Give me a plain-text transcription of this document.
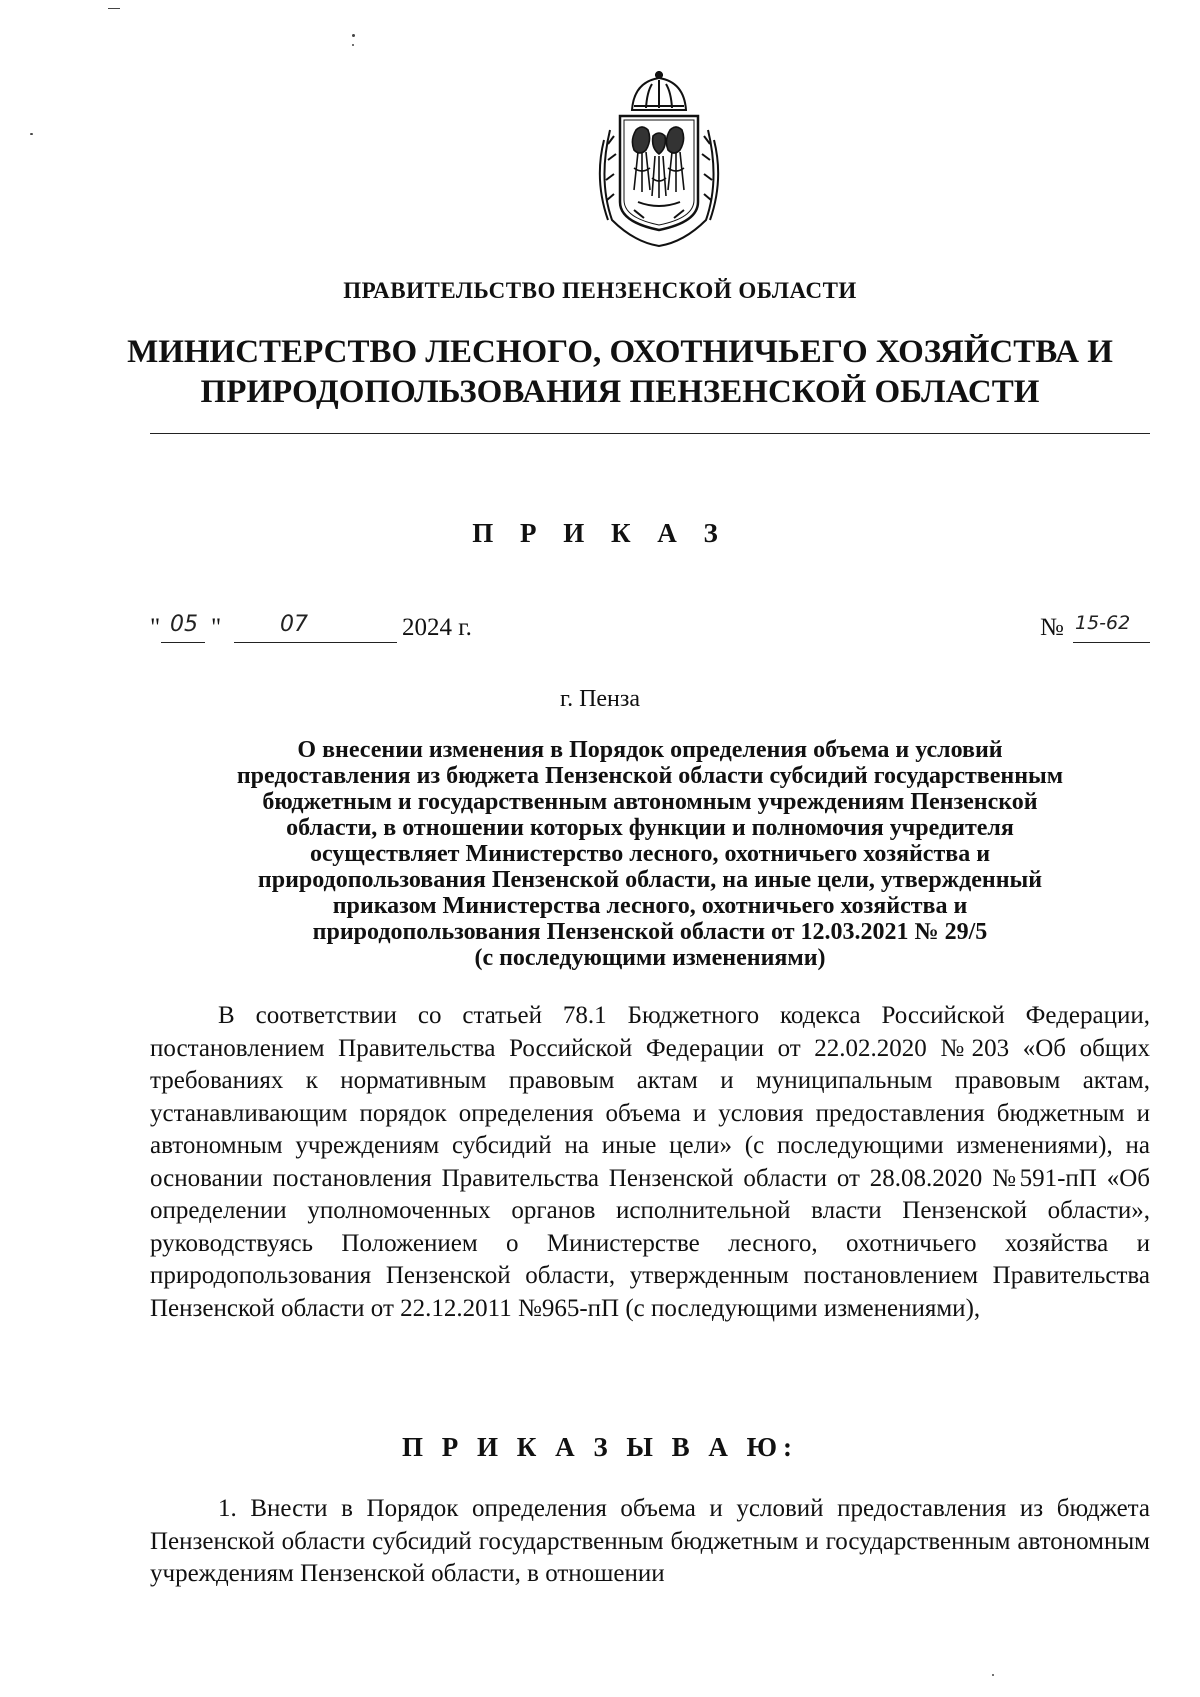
ПРАВИТЕЛЬСТВО ПЕНЗЕНСКОЙ ОБЛАСТИ
МИНИСТЕРСТВО ЛЕСНОГО, ОХОТНИЧЬЕГО ХОЗЯЙСТВА И
ПРИРОДОПОЛЬЗОВАНИЯ ПЕНЗЕНСКОЙ ОБЛАСТИ
П Р И К А З
" 05 "	07	2024 г.	№ 15-62
г. Пенза
О внесении изменения в Порядок определения объема и условий
предоставления из бюджета Пензенской области субсидий государственным
бюджетным и государственным автономным учреждениям Пензенской
области, в отношении которых функции и полномочия учредителя
осуществляет Министерство лесного, охотничьего хозяйства и
природопользования Пензенской области, на иные цели, утвержденный
приказом Министерства лесного, охотничьего хозяйства и
природопользования Пензенской области от 12.03.2021 № 29/5
(с последующими изменениями)
В соответствии со статьей 78.1 Бюджетного кодекса Российской Федерации, постановлением Правительства Российской Федерации от 22.02.2020 №203 «Об общих требованиях к нормативным правовым актам и муниципальным правовым актам, устанавливающим порядок определения объема и условия предоставления бюджетным и автономным учреждениям субсидий на иные цели» (с последующими изменениями), на основании постановления Правительства Пензенской области от 28.08.2020 №591-пП «Об определении уполномоченных органов исполнительной власти Пензенской области», руководствуясь Положением о Министерстве лесного, охотничьего хозяйства и природопользования Пензенской области, утвержденным постановлением Правительства Пензенской области от 22.12.2011 №965-пП (с последующими изменениями),
П Р И К А З Ы В А Ю:
1. Внести в Порядок определения объема и условий предоставления из бюджета Пензенской области субсидий государственным бюджетным и государственным автономным учреждениям Пензенской области, в отношении
